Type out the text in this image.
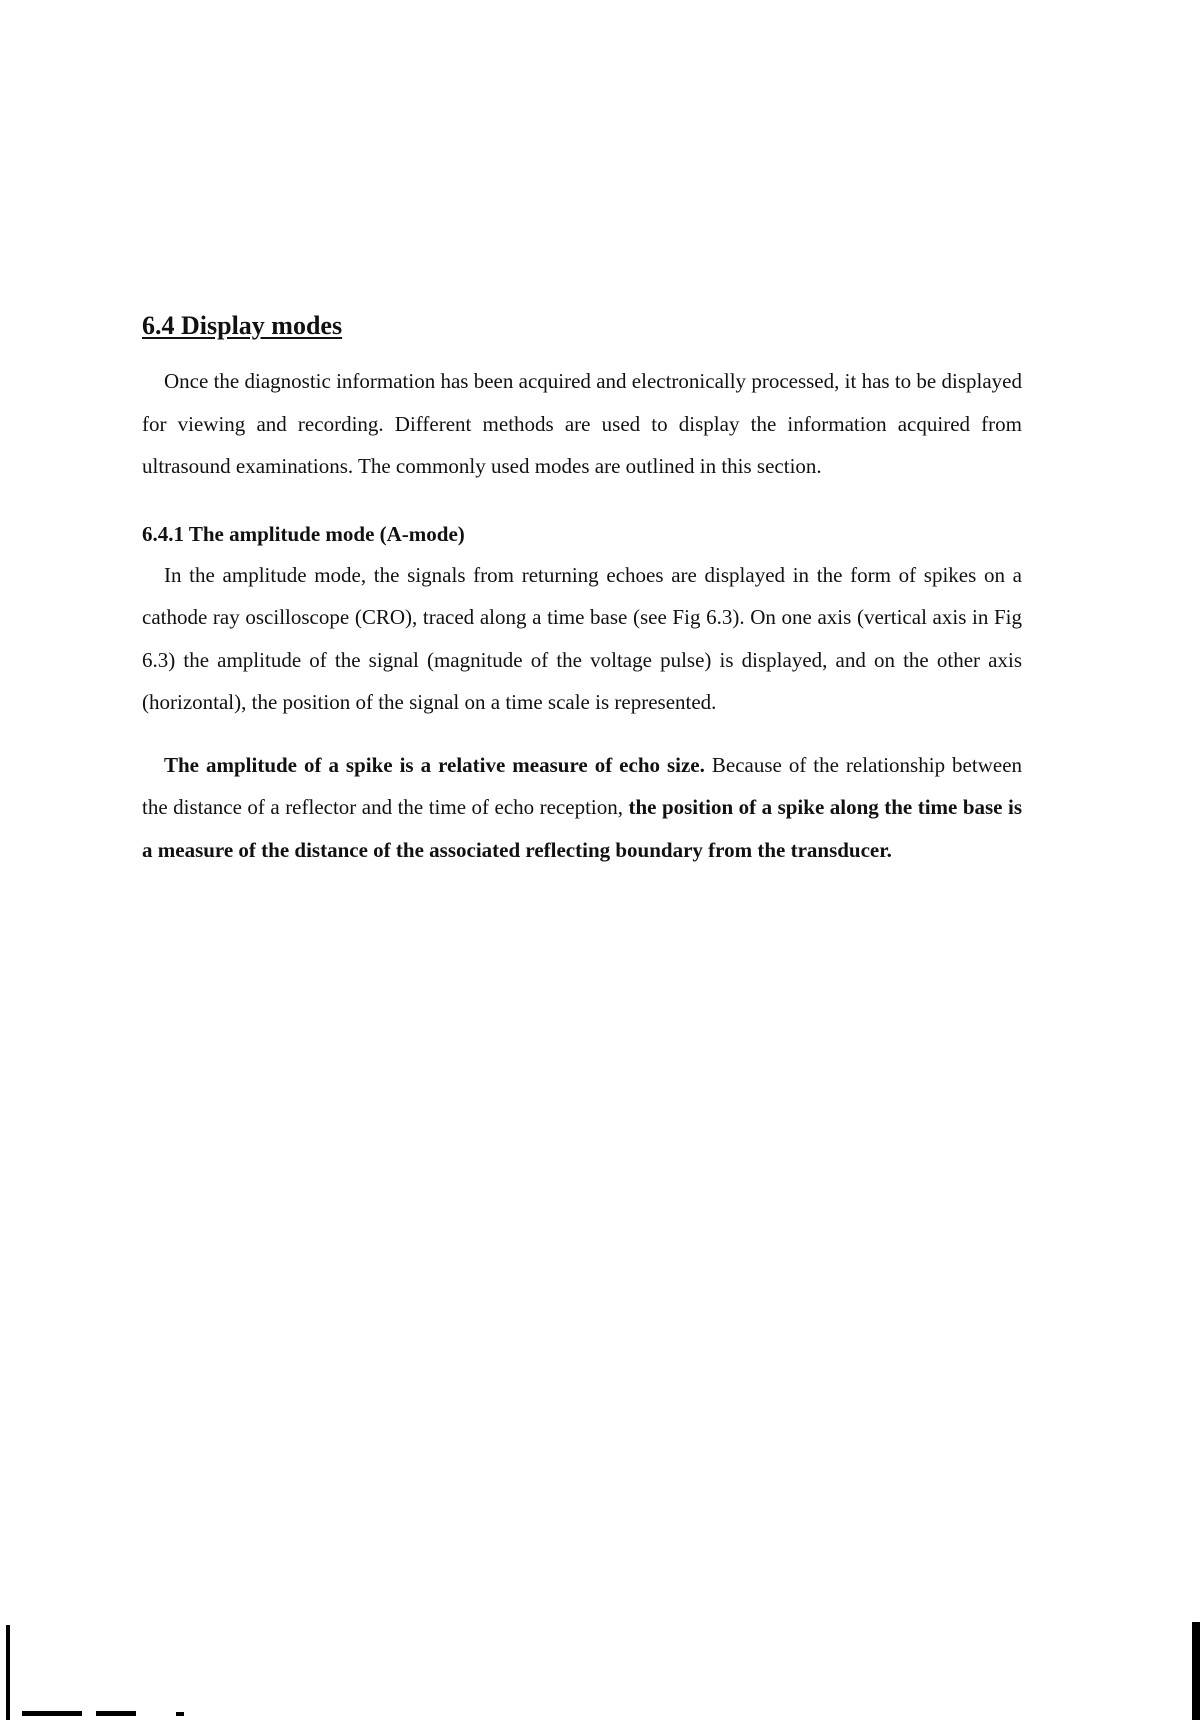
6.4 Display modes

Once the diagnostic information has been acquired and electronically processed, it has to be displayed for viewing and recording. Different methods are used to display the information acquired from ultrasound examinations. The commonly used modes are outlined in this section.

6.4.1 The amplitude mode (A-mode)

In the amplitude mode, the signals from returning echoes are displayed in the form of spikes on a cathode ray oscilloscope (CRO), traced along a time base (see Fig 6.3). On one axis (vertical axis in Fig 6.3) the amplitude of the signal (magnitude of the voltage pulse) is displayed, and on the other axis (horizontal), the position of the signal on a time scale is represented.

The amplitude of a spike is a relative measure of echo size. Because of the relationship between the distance of a reflector and the time of echo reception, the position of a spike along the time base is a measure of the distance of the associated reflecting boundary from the transducer.
